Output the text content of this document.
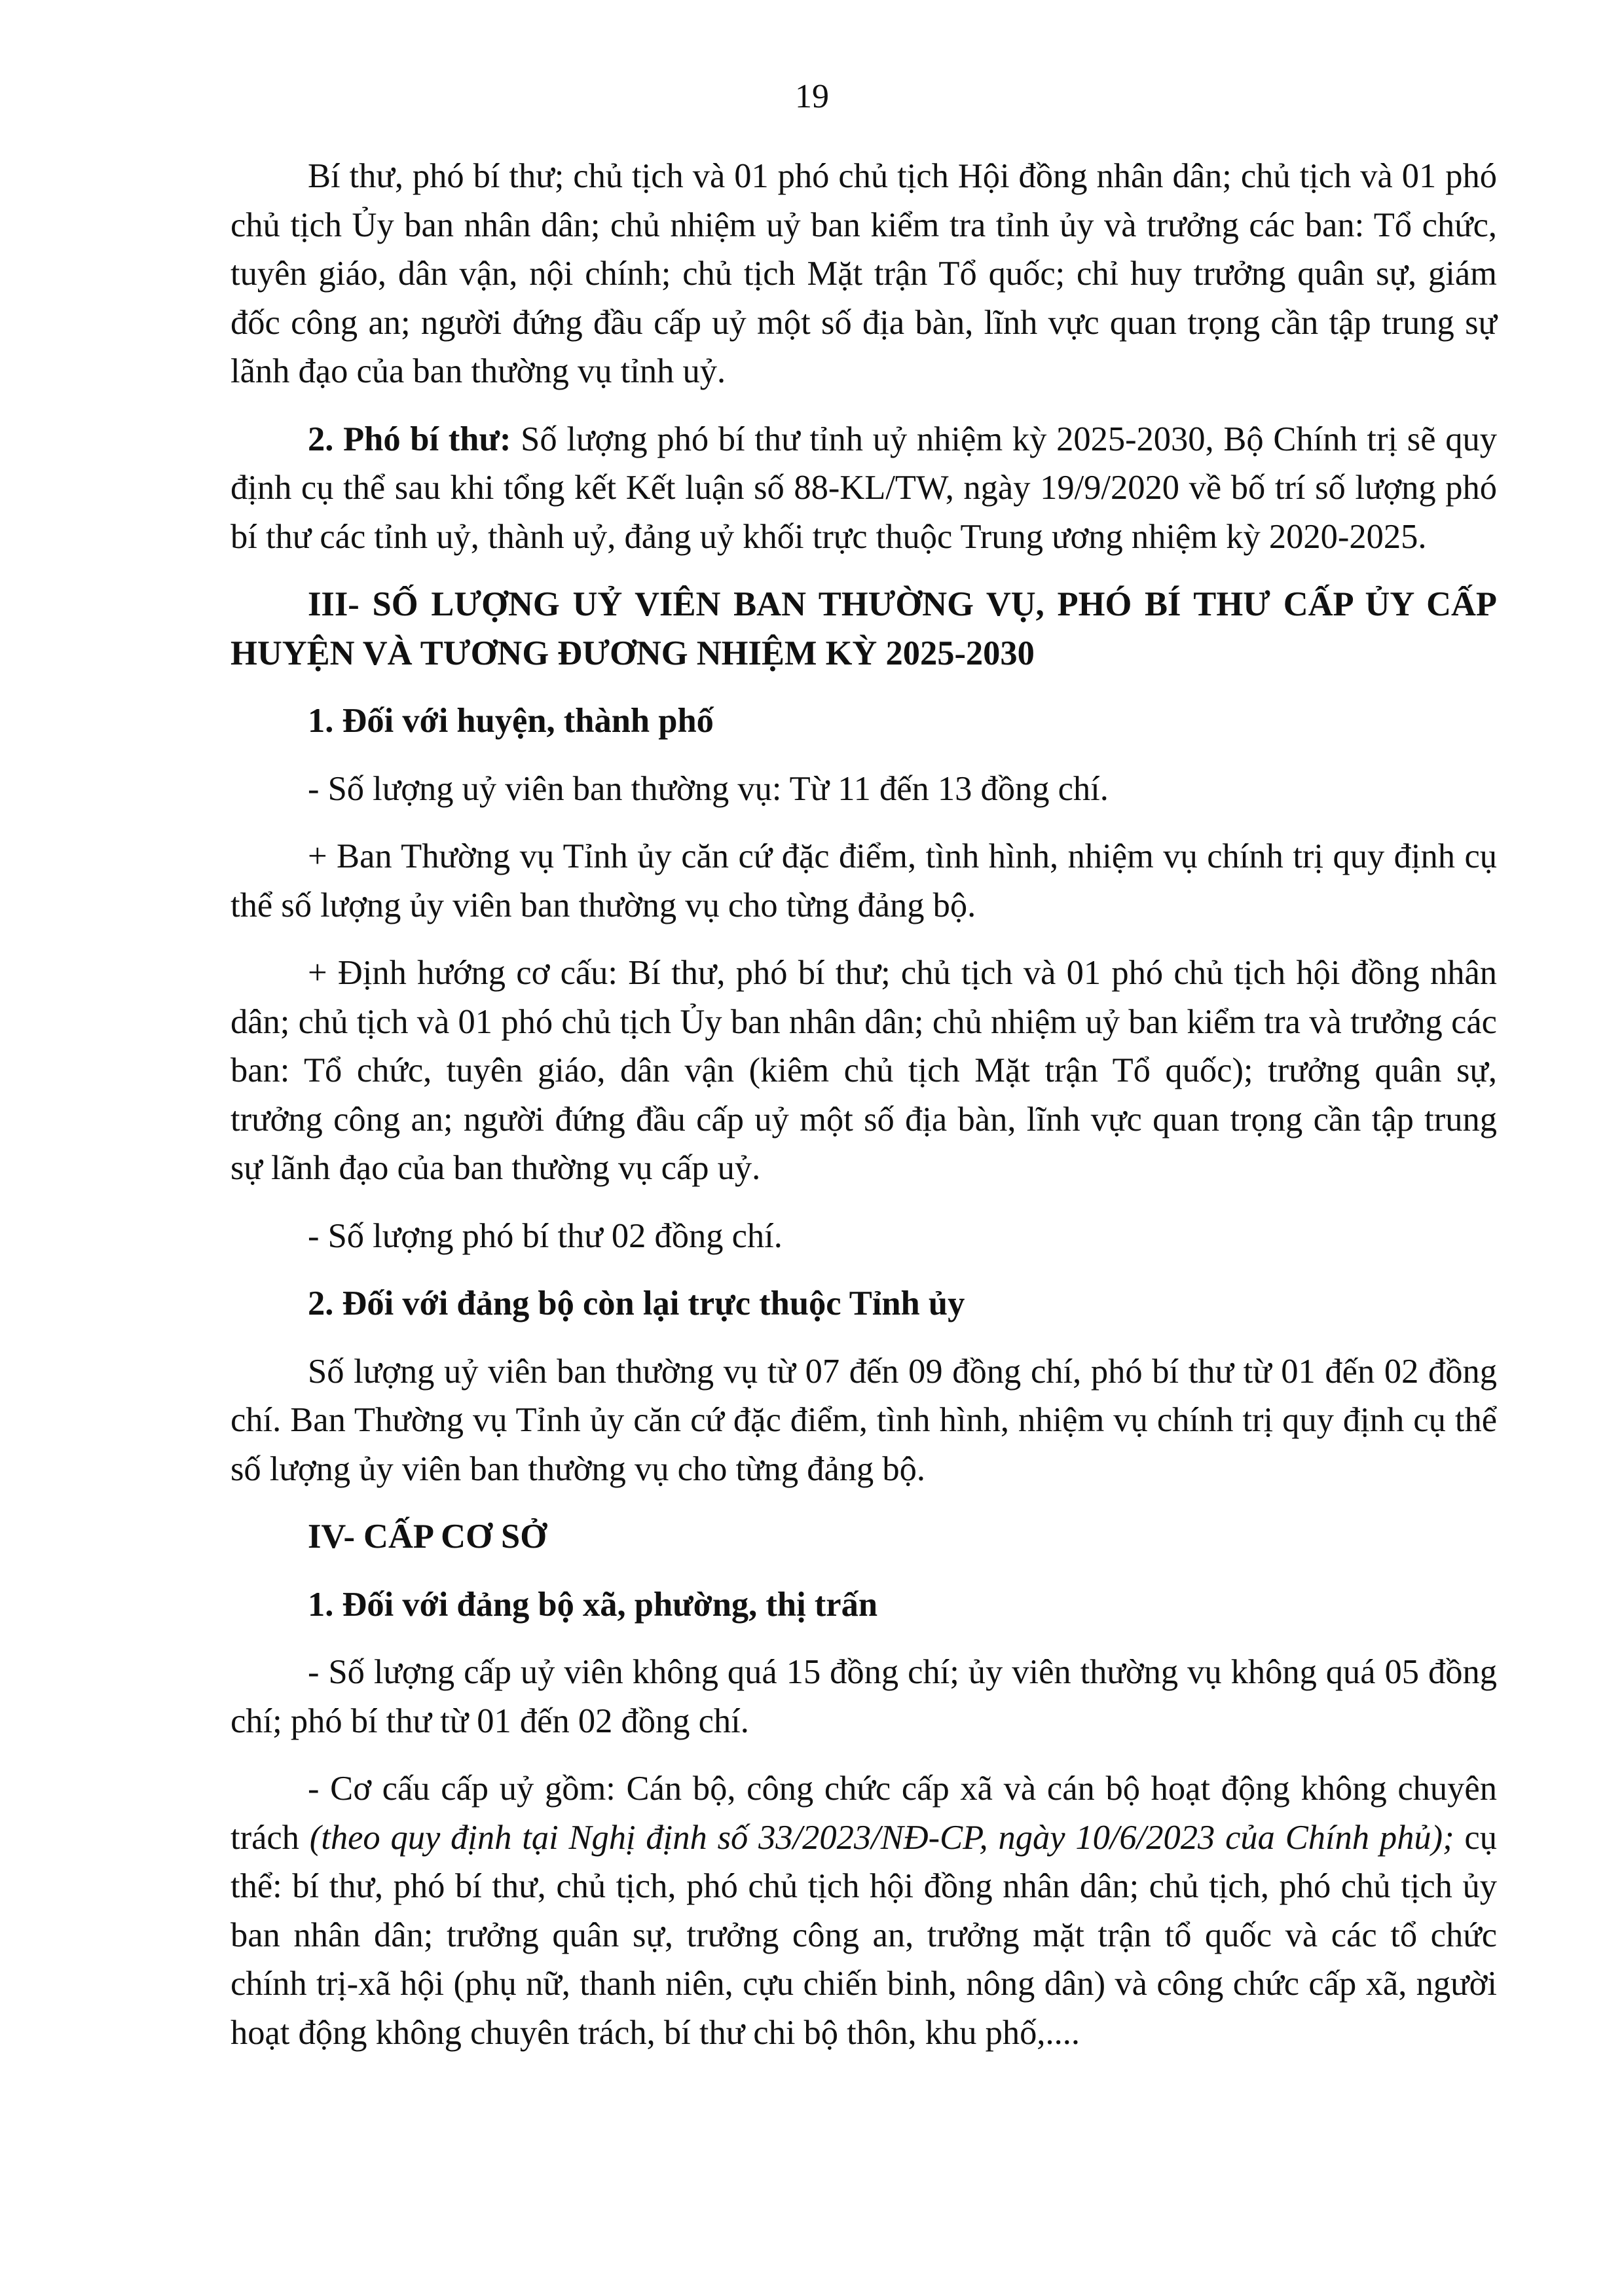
19

Bí thư, phó bí thư; chủ tịch và 01 phó chủ tịch Hội đồng nhân dân; chủ tịch và 01 phó chủ tịch Ủy ban nhân dân; chủ nhiệm uỷ ban kiểm tra tỉnh ủy và trưởng các ban: Tổ chức, tuyên giáo, dân vận, nội chính; chủ tịch Mặt trận Tổ quốc; chỉ huy trưởng quân sự, giám đốc công an; người đứng đầu cấp uỷ một số địa bàn, lĩnh vực quan trọng cần tập trung sự lãnh đạo của ban thường vụ tỉnh uỷ.

2. Phó bí thư: Số lượng phó bí thư tỉnh uỷ nhiệm kỳ 2025-2030, Bộ Chính trị sẽ quy định cụ thể sau khi tổng kết Kết luận số 88-KL/TW, ngày 19/9/2020 về bố trí số lượng phó bí thư các tỉnh uỷ, thành uỷ, đảng uỷ khối trực thuộc Trung ương nhiệm kỳ 2020-2025.

III- SỐ LƯỢNG UỶ VIÊN BAN THƯỜNG VỤ, PHÓ BÍ THƯ CẤP ỦY CẤP HUYỆN VÀ TƯƠNG ĐƯƠNG NHIỆM KỲ 2025-2030

1. Đối với huyện, thành phố

- Số lượng uỷ viên ban thường vụ: Từ 11 đến 13 đồng chí.

+ Ban Thường vụ Tỉnh ủy căn cứ đặc điểm, tình hình, nhiệm vụ chính trị quy định cụ thể số lượng ủy viên ban thường vụ cho từng đảng bộ.

+ Định hướng cơ cấu: Bí thư, phó bí thư; chủ tịch và 01 phó chủ tịch hội đồng nhân dân; chủ tịch và 01 phó chủ tịch Ủy ban nhân dân; chủ nhiệm uỷ ban kiểm tra và trưởng các ban: Tổ chức, tuyên giáo, dân vận (kiêm chủ tịch Mặt trận Tổ quốc); trưởng quân sự, trưởng công an; người đứng đầu cấp uỷ một số địa bàn, lĩnh vực quan trọng cần tập trung sự lãnh đạo của ban thường vụ cấp uỷ.

- Số lượng phó bí thư 02 đồng chí.

2. Đối với đảng bộ còn lại trực thuộc Tỉnh ủy

Số lượng uỷ viên ban thường vụ từ 07 đến 09 đồng chí, phó bí thư từ 01 đến 02 đồng chí. Ban Thường vụ Tỉnh ủy căn cứ đặc điểm, tình hình, nhiệm vụ chính trị quy định cụ thể số lượng ủy viên ban thường vụ cho từng đảng bộ.

IV- CẤP CƠ SỞ

1. Đối với đảng bộ xã, phường, thị trấn

- Số lượng cấp uỷ viên không quá 15 đồng chí; ủy viên thường vụ không quá 05 đồng chí; phó bí thư từ 01 đến 02 đồng chí.

- Cơ cấu cấp uỷ gồm: Cán bộ, công chức cấp xã và cán bộ hoạt động không chuyên trách (theo quy định tại Nghị định số 33/2023/NĐ-CP, ngày 10/6/2023 của Chính phủ); cụ thể: bí thư, phó bí thư, chủ tịch, phó chủ tịch hội đồng nhân dân; chủ tịch, phó chủ tịch ủy ban nhân dân; trưởng quân sự, trưởng công an, trưởng mặt trận tổ quốc và các tổ chức chính trị-xã hội (phụ nữ, thanh niên, cựu chiến binh, nông dân) và công chức cấp xã, người hoạt động không chuyên trách, bí thư chi bộ thôn, khu phố,....
